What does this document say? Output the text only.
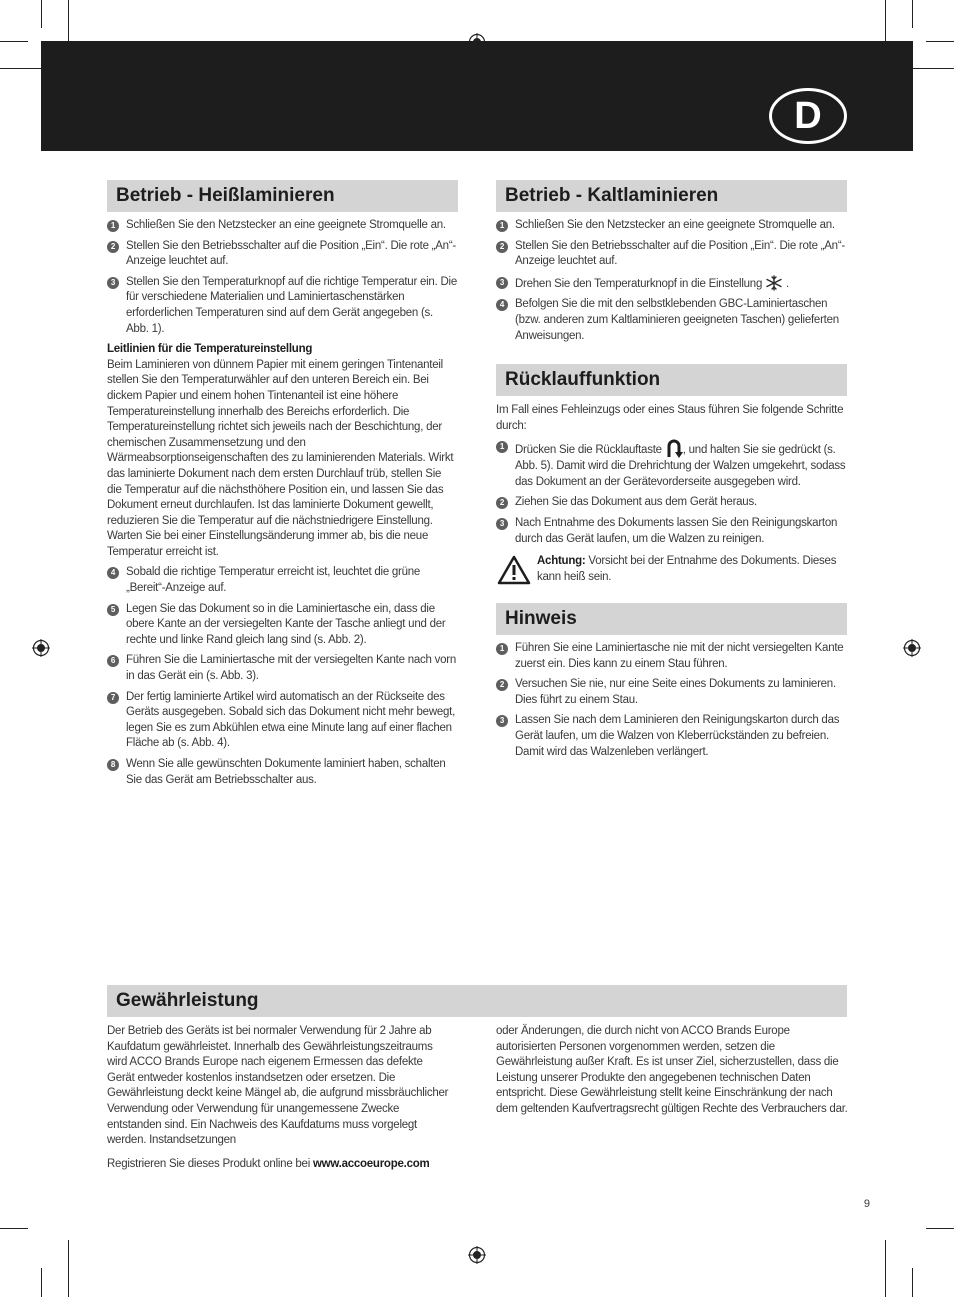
D
Betrieb - Heißlaminieren
1 Schließen Sie den Netzstecker an eine geeignete Stromquelle an.
2 Stellen Sie den Betriebsschalter auf die Position „Ein“. Die rote „An“-Anzeige leuchtet auf.
3 Stellen Sie den Temperaturknopf auf die richtige Temperatur ein. Die für verschiedene Materialien und Laminiertaschenstärken erforderlichen Temperaturen sind auf dem Gerät angegeben (s. Abb. 1).
Leitlinien für die Temperatureinstellung
Beim Laminieren von dünnem Papier mit einem geringen Tintenanteil stellen Sie den Temperaturwähler auf den unteren Bereich ein. Bei dickem Papier und einem hohen Tintenanteil ist eine höhere Temperatureinstellung innerhalb des Bereichs erforderlich. Die Temperatureinstellung richtet sich jeweils nach der Beschichtung, der chemischen Zusammensetzung und den Wärmeabsorptionseigenschaften des zu laminierenden Materials. Wirkt das laminierte Dokument nach dem ersten Durchlauf trüb, stellen Sie die Temperatur auf die nächsthöhere Position ein, und lassen Sie das Dokument erneut durchlaufen. Ist das laminierte Dokument gewellt, reduzieren Sie die Temperatur auf die nächstniedrigere Einstellung. Warten Sie bei einer Einstellungsänderung immer ab, bis die neue Temperatur erreicht ist.
4 Sobald die richtige Temperatur erreicht ist, leuchtet die grüne „Bereit“-Anzeige auf.
5 Legen Sie das Dokument so in die Laminiertasche ein, dass die obere Kante an der versiegelten Kante der Tasche anliegt und der rechte und linke Rand gleich lang sind (s. Abb. 2).
6 Führen Sie die Laminiertasche mit der versiegelten Kante nach vorn in das Gerät ein (s. Abb. 3).
7 Der fertig laminierte Artikel wird automatisch an der Rückseite des Geräts ausgegeben. Sobald sich das Dokument nicht mehr bewegt, legen Sie es zum Abkühlen etwa eine Minute lang auf einer flachen Fläche ab (s. Abb. 4).
8 Wenn Sie alle gewünschten Dokumente laminiert haben, schalten Sie das Gerät am Betriebsschalter aus.
Betrieb - Kaltlaminieren
1 Schließen Sie den Netzstecker an eine geeignete Stromquelle an.
2 Stellen Sie den Betriebsschalter auf die Position „Ein“. Die rote „An“-Anzeige leuchtet auf.
3 Drehen Sie den Temperaturknopf in die Einstellung .
4 Befolgen Sie die mit den selbstklebenden GBC-Laminiertaschen (bzw. anderen zum Kaltlaminieren geeigneten Taschen) gelieferten Anweisungen.
Rücklauffunktion
Im Fall eines Fehleinzugs oder eines Staus führen Sie folgende Schritte durch:
1 Drücken Sie die Rücklauftaste , und halten Sie sie gedrückt (s. Abb. 5). Damit wird die Drehrichtung der Walzen umgekehrt, sodass das Dokument an der Gerätevorderseite ausgegeben wird.
2 Ziehen Sie das Dokument aus dem Gerät heraus.
3 Nach Entnahme des Dokuments lassen Sie den Reinigungskarton durch das Gerät laufen, um die Walzen zu reinigen.
Achtung: Vorsicht bei der Entnahme des Dokuments. Dieses kann heiß sein.
Hinweis
1 Führen Sie eine Laminiertasche nie mit der nicht versiegelten Kante zuerst ein. Dies kann zu einem Stau führen.
2 Versuchen Sie nie, nur eine Seite eines Dokuments zu laminieren. Dies führt zu einem Stau.
3 Lassen Sie nach dem Laminieren den Reinigungskarton durch das Gerät laufen, um die Walzen von Kleberrückständen zu befreien. Damit wird das Walzenleben verlängert.
Gewährleistung
Der Betrieb des Geräts ist bei normaler Verwendung für 2 Jahre ab Kaufdatum gewährleistet. Innerhalb des Gewährleistungszeitraums wird ACCO Brands Europe nach eigenem Ermessen das defekte Gerät entweder kostenlos instandsetzen oder ersetzen. Die Gewährleistung deckt keine Mängel ab, die aufgrund missbräuchlicher Verwendung oder Verwendung für unangemessene Zwecke entstanden sind. Ein Nachweis des Kaufdatums muss vorgelegt werden. Instandsetzungen
Registrieren Sie dieses Produkt online bei www.accoeurope.com
oder Änderungen, die durch nicht von ACCO Brands Europe autorisierten Personen vorgenommen werden, setzen die Gewährleistung außer Kraft. Es ist unser Ziel, sicherzustellen, dass die Leistung unserer Produkte den angegebenen technischen Daten entspricht. Diese Gewährleistung stellt keine Einschränkung der nach dem geltenden Kaufvertragsrecht gültigen Rechte des Verbrauchers dar.
9
